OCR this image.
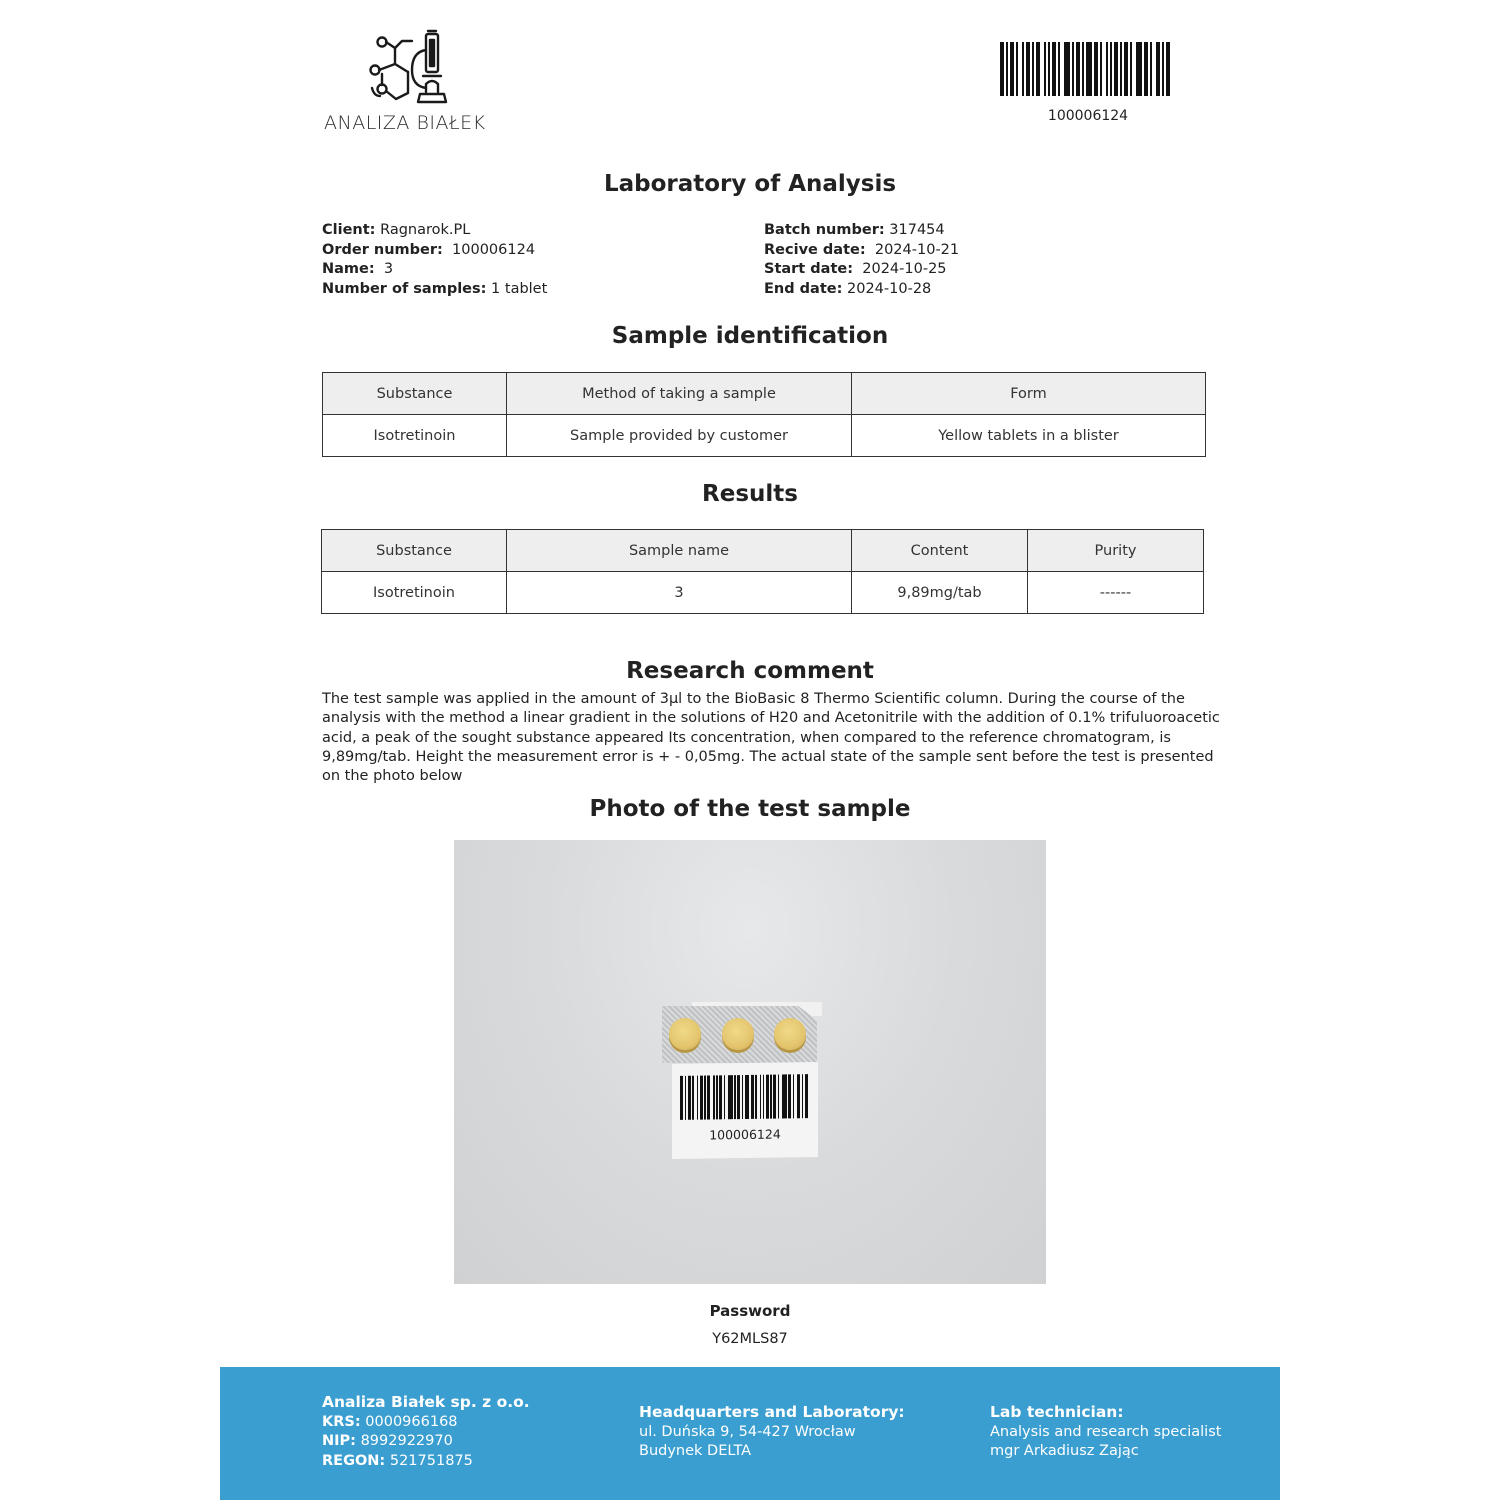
ANALIZA BIAŁEK	100006124
Laboratory of Analysis
Client: Ragnarok.PL
Order number: 100006124
Name: 3
Number of samples: 1 tablet
Batch number: 317454
Recive date: 2024-10-21
Start date: 2024-10-25
End date: 2024-10-28
Sample identification
Substance	Method of taking a sample	Form
Isotretinoin	Sample provided by customer	Yellow tablets in a blister
Results
Substance	Sample name	Content	Purity
Isotretinoin	3	9,89mg/tab	------
Research comment

The test sample was applied in the amount of 3µl to the BioBasic 8 Thermo Scientific column. During the course of the analysis with the method a linear gradient in the solutions of H20 and Acetonitrile with the addition of 0.1% trifuluoroacetic acid, a peak of the sought substance appeared Its concentration, when compared to the reference chromatogram, is 9,89mg/tab. Height the measurement error is + - 0,05mg. The actual state of the sample sent before the test is presented on the photo below

Photo of the test sample
100006124
Password
Y62MLS87
Analiza Białek sp. z o.o.
KRS: 0000966168
NIP: 8992922970
REGON: 521751875
Headquarters and Laboratory:
ul. Duńska 9, 54-427 Wrocław
Budynek DELTA
Lab technician:
Analysis and research specialist
mgr Arkadiusz Zając
